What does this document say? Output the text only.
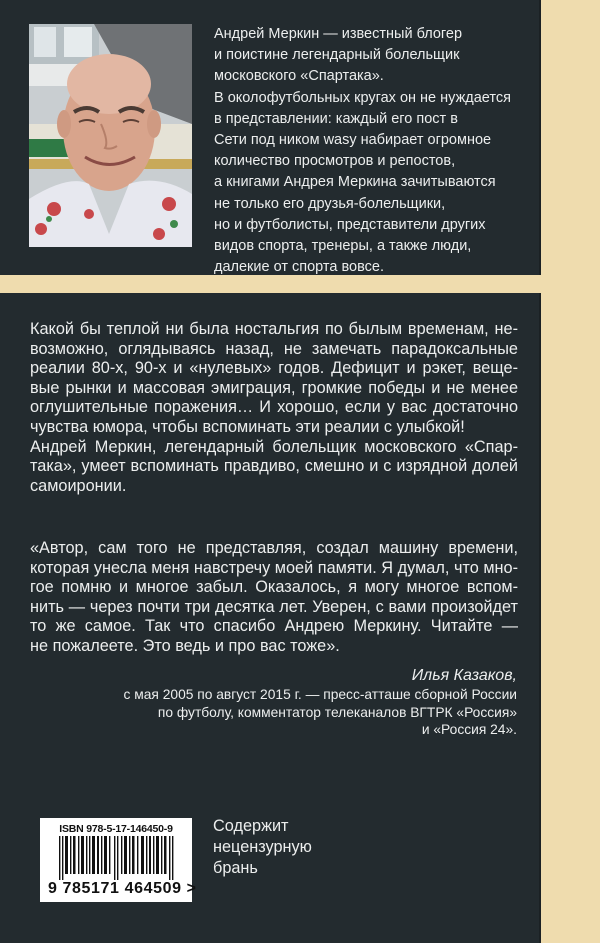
Андрей Меркин — известный блогер
и поистине легендарный болельщик
московского «Спартака».
В околофутбольных кругах он не нуждается
в представлении: каждый его пост в
Сети под ником wasy набирает огромное
количество просмотров и репостов,
а книгами Андрея Меркина зачитываются
не только его друзья-болельщики,
но и футболисты, представители других
видов спорта, тренеры, а также люди,
далекие от спорта вовсе.
Какой бы теплой ни была ностальгия по былым временам, не-
возможно, оглядываясь назад, не замечать парадоксальные
реалии 80-х, 90-х и «нулевых» годов. Дефицит и рэкет, веще-
вые рынки и массовая эмиграция, громкие победы и не менее
оглушительные поражения… И хорошо, если у вас достаточно
чувства юмора, чтобы вспоминать эти реалии с улыбкой!
Андрей Меркин, легендарный болельщик московского «Спар-
така», умеет вспоминать правдиво, смешно и с изрядной долей
самоиронии.
«Автор, сам того не представляя, создал машину времени,
которая унесла меня навстречу моей памяти. Я думал, что мно-
гое помню и многое забыл. Оказалось, я могу многое вспом-
нить — через почти три десятка лет. Уверен, с вами произойдет
то же самое. Так что спасибо Андрею Меркину. Читайте —
не пожалеете. Это ведь и про вас тоже».
Илья Казаков,
с мая 2005 по август 2015 г. — пресс-атташе сборной России
по футболу, комментатор телеканалов ВГТРК «Россия»
и «Россия 24».
ISBN 978-5-17-146450-9
9 785171 464509 >
Содержит
нецензурную
брань
